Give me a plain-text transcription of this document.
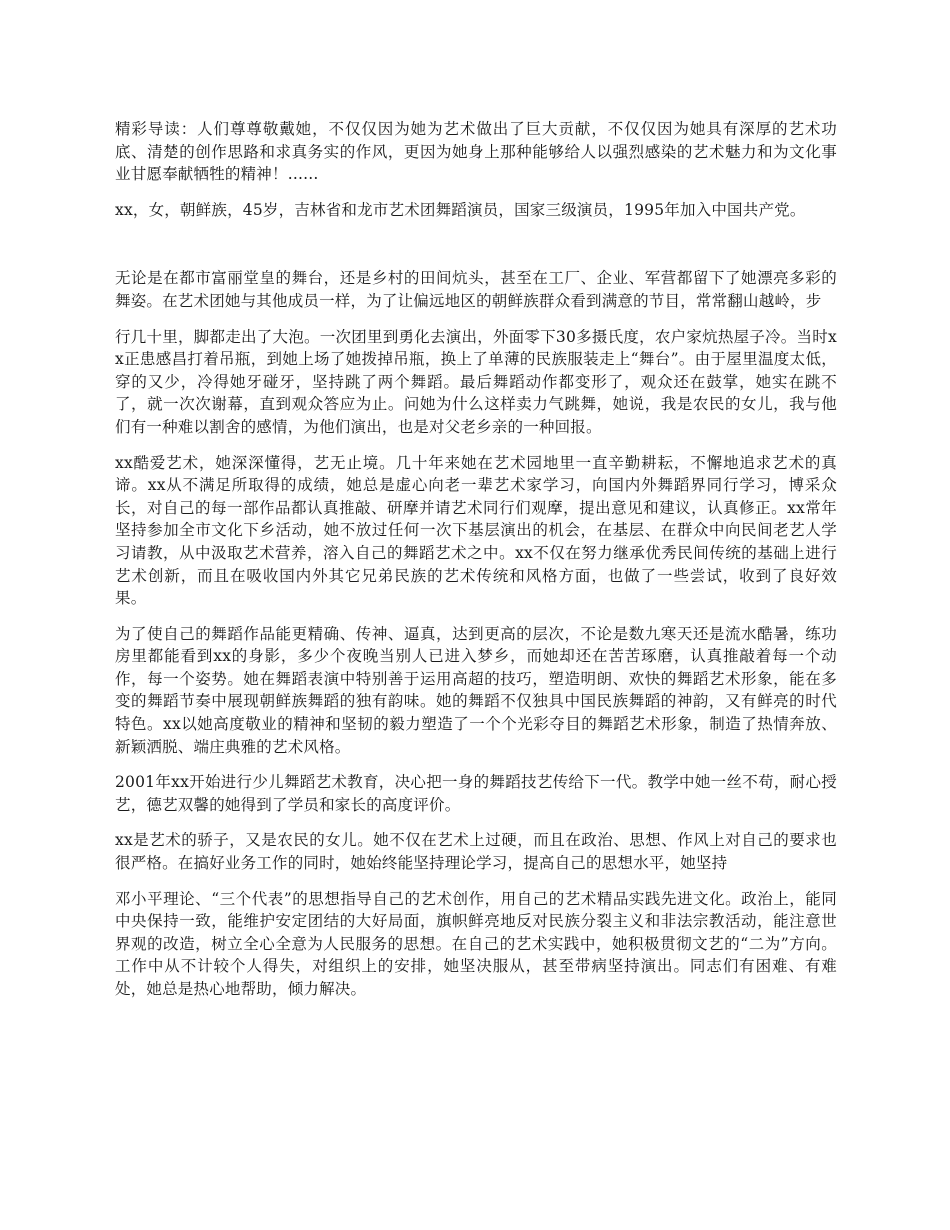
精彩导读：人们尊尊敬戴她，不仅仅因为她为艺术做出了巨大贡献，不仅仅因为她具有深厚的艺术功底、清楚的创作思路和求真务实的作风，更因为她身上那种能够给人以强烈感染的艺术魅力和为文化事业甘愿奉献牺牲的精神！......

xx，女，朝鲜族，45岁，吉林省和龙市艺术团舞蹈演员，国家三级演员，1995年加入中国共产党。

无论是在都市富丽堂皇的舞台，还是乡村的田间炕头，甚至在工厂、企业、军营都留下了她漂亮多彩的舞姿。在艺术团她与其他成员一样，为了让偏远地区的朝鲜族群众看到满意的节目，常常翻山越岭，步

行几十里，脚都走出了大泡。一次团里到勇化去演出，外面零下30多摄氏度，农户家炕热屋子冷。当时xx正患感昌打着吊瓶，到她上场了她拨掉吊瓶，换上了单薄的民族服装走上“舞台”。由于屋里温度太低，穿的又少，冷得她牙碰牙，坚持跳了两个舞蹈。最后舞蹈动作都变形了，观众还在鼓掌，她实在跳不了，就一次次谢幕，直到观众答应为止。问她为什么这样卖力气跳舞，她说，我是农民的女儿，我与他们有一种难以割舍的感情，为他们演出，也是对父老乡亲的一种回报。

xx酷爱艺术，她深深懂得，艺无止境。几十年来她在艺术园地里一直辛勤耕耘，不懈地追求艺术的真谛。xx从不满足所取得的成绩，她总是虚心向老一辈艺术家学习，向国内外舞蹈界同行学习，博采众长，对自己的每一部作品都认真推敲、研摩并请艺术同行们观摩，提出意见和建议，认真修正。xx常年坚持参加全市文化下乡活动，她不放过任何一次下基层演出的机会，在基层、在群众中向民间老艺人学习请教，从中汲取艺术营养，溶入自己的舞蹈艺术之中。xx不仅在努力继承优秀民间传统的基础上进行艺术创新，而且在吸收国内外其它兄弟民族的艺术传统和风格方面，也做了一些尝试，收到了良好效果。

为了使自己的舞蹈作品能更精确、传神、逼真，达到更高的层次，不论是数九寒天还是流水酷暑，练功房里都能看到xx的身影，多少个夜晚当别人已进入梦乡，而她却还在苦苦琢磨，认真推敲着每一个动作，每一个姿势。她在舞蹈表演中特别善于运用高超的技巧，塑造明朗、欢快的舞蹈艺术形象，能在多变的舞蹈节奏中展现朝鲜族舞蹈的独有韵味。她的舞蹈不仅独具中国民族舞蹈的神韵，又有鲜亮的时代特色。xx以她高度敬业的精神和坚韧的毅力塑造了一个个光彩夺目的舞蹈艺术形象，制造了热情奔放、新颖洒脱、端庄典雅的艺术风格。

2001年xx开始进行少儿舞蹈艺术教育，决心把一身的舞蹈技艺传给下一代。教学中她一丝不苟，耐心授艺，德艺双馨的她得到了学员和家长的高度评价。

xx是艺术的骄子，又是农民的女儿。她不仅在艺术上过硬，而且在政治、思想、作风上对自己的要求也很严格。在搞好业务工作的同时，她始终能坚持理论学习，提高自己的思想水平，她坚持

邓小平理论、“三个代表”的思想指导自己的艺术创作，用自己的艺术精品实践先进文化。政治上，能同中央保持一致，能维护安定团结的大好局面，旗帜鲜亮地反对民族分裂主义和非法宗教活动，能注意世界观的改造，树立全心全意为人民服务的思想。在自己的艺术实践中，她积极贯彻文艺的“二为”方向。工作中从不计较个人得失，对组织上的安排，她坚决服从，甚至带病坚持演出。同志们有困难、有难处，她总是热心地帮助，倾力解决。
